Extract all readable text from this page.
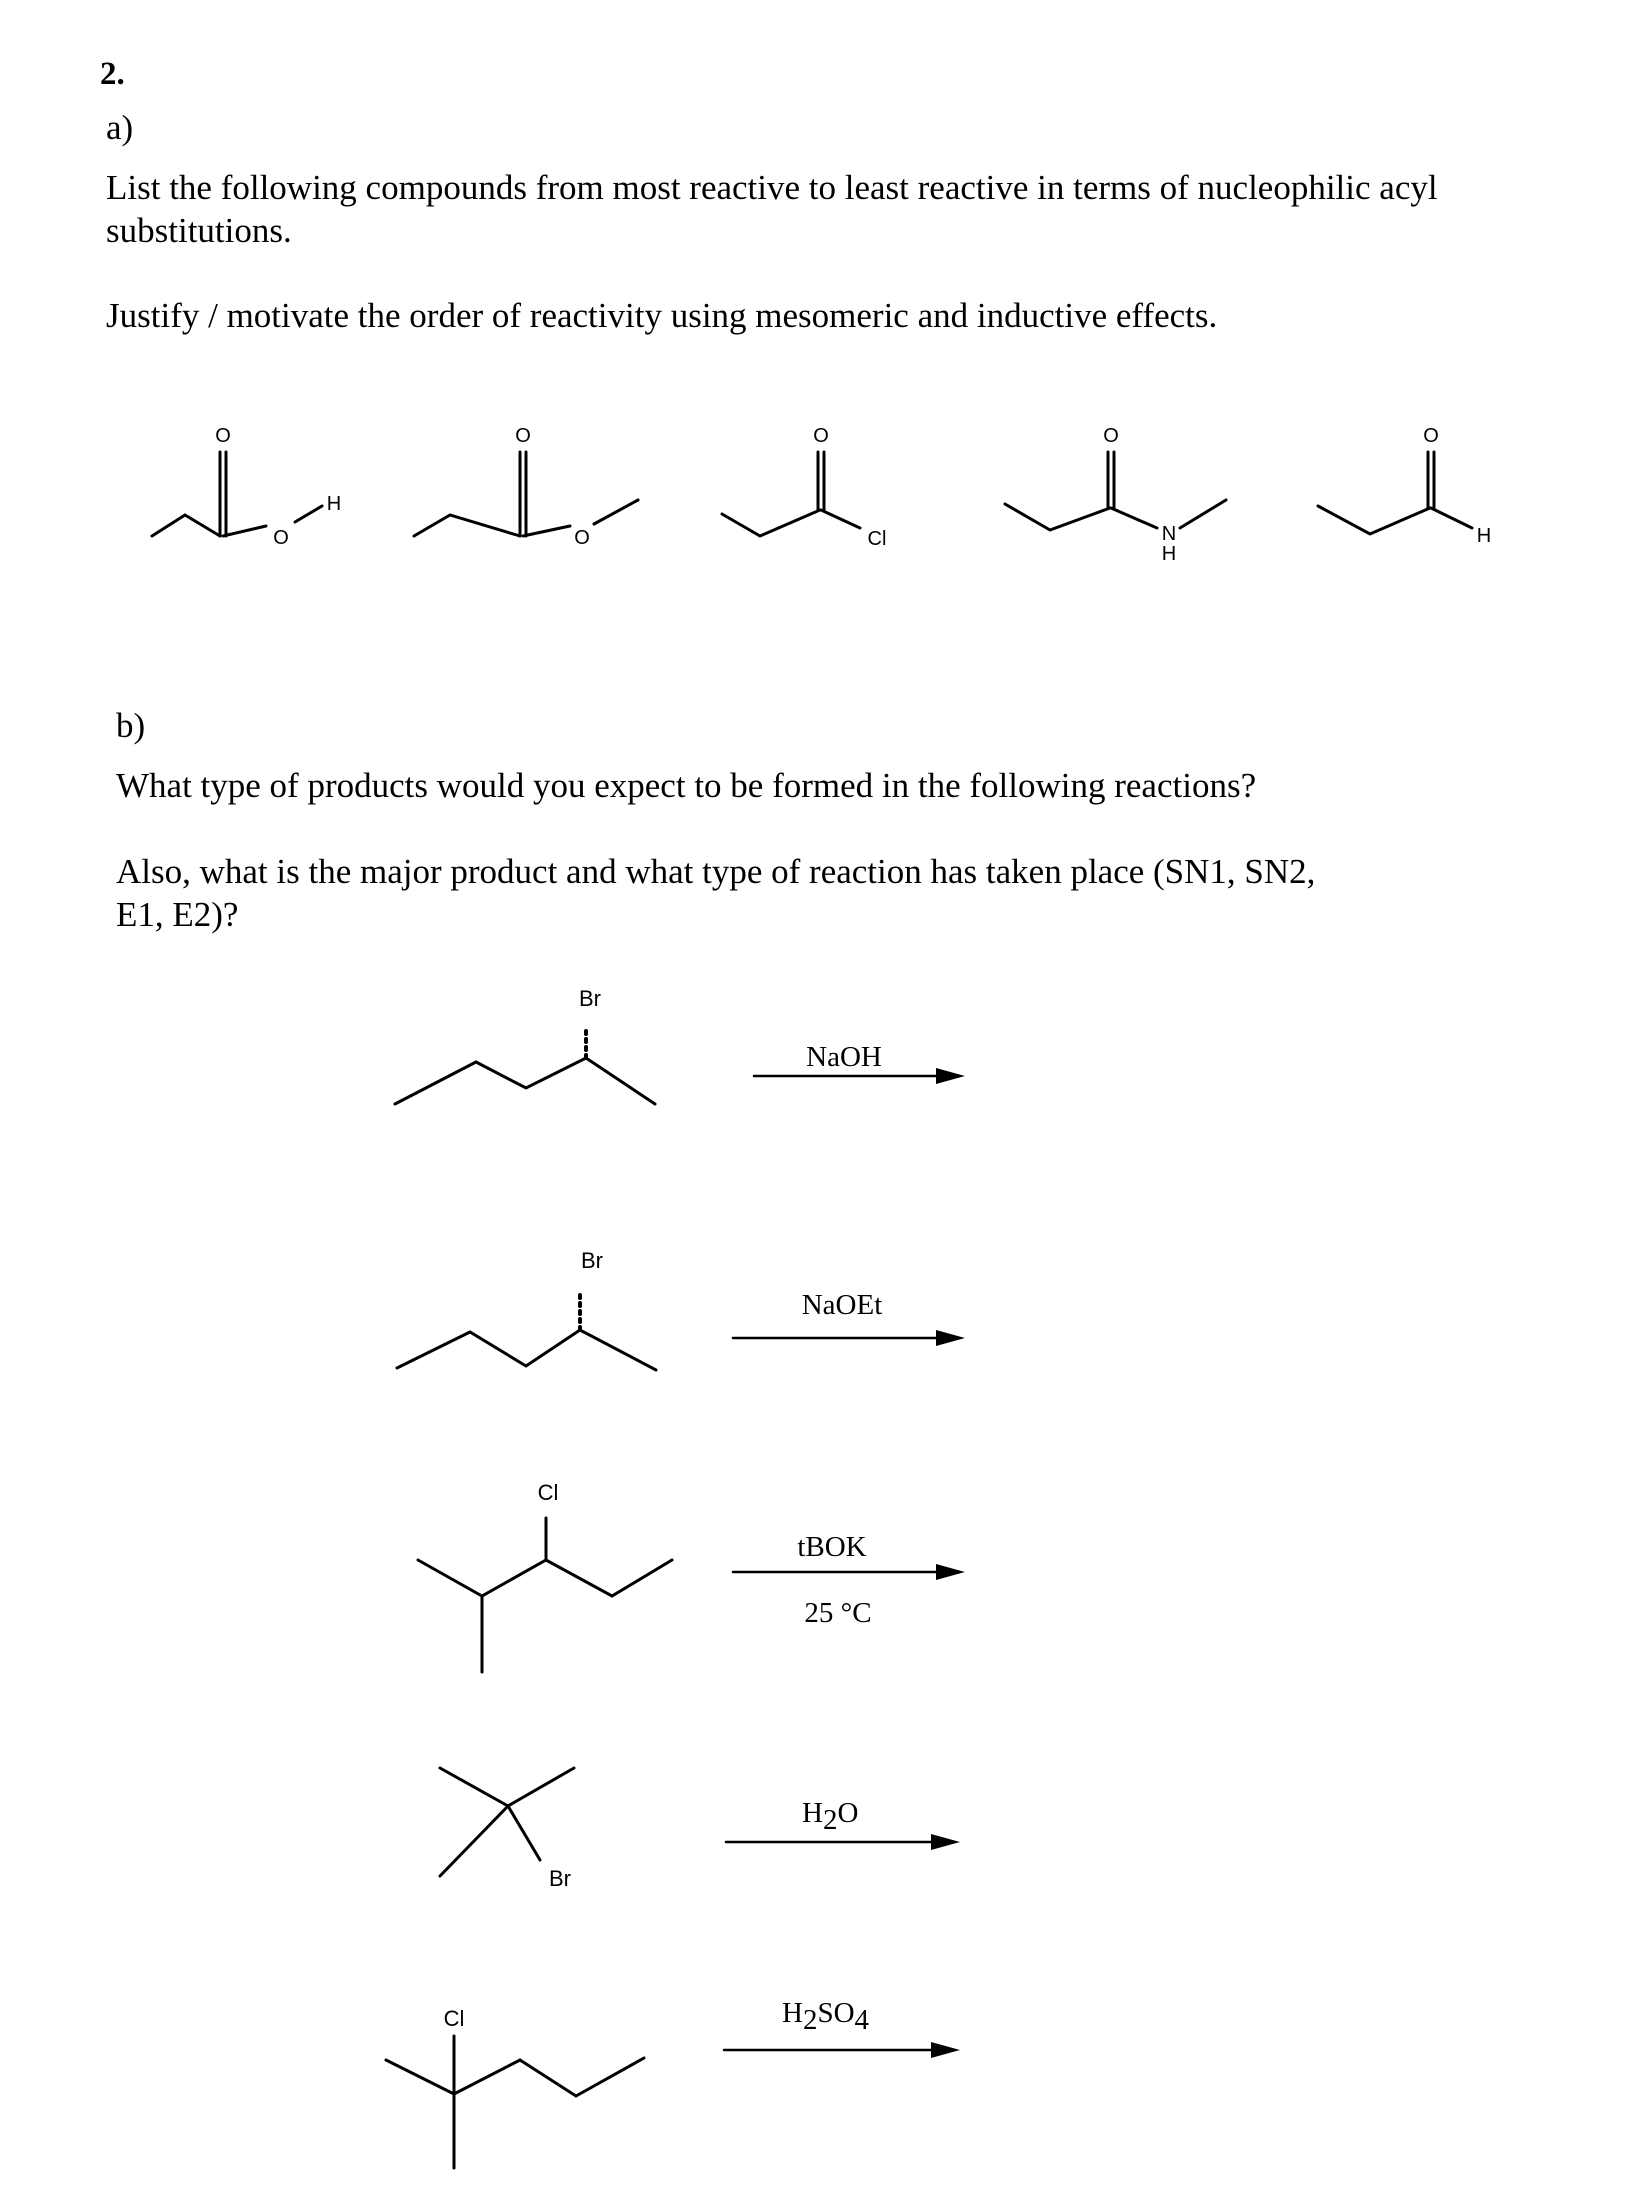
2.
a)
List the following compounds from most reactive to least reactive in terms of nucleophilic acyl
substitutions.
Justify / motivate the order of reactivity using mesomeric and inductive effects.
b)
What type of products would you expect to be formed in the following reactions?
Also, what is the major product and what type of reaction has taken place (SN1, SN2,
E1, E2)?
O
O
H
O
O
O
Cl
O
N
H
O
H
Br
NaOH
Br
NaOEt
Cl
tBOK
25 °C
Br
H2O
Cl	H2SO4
